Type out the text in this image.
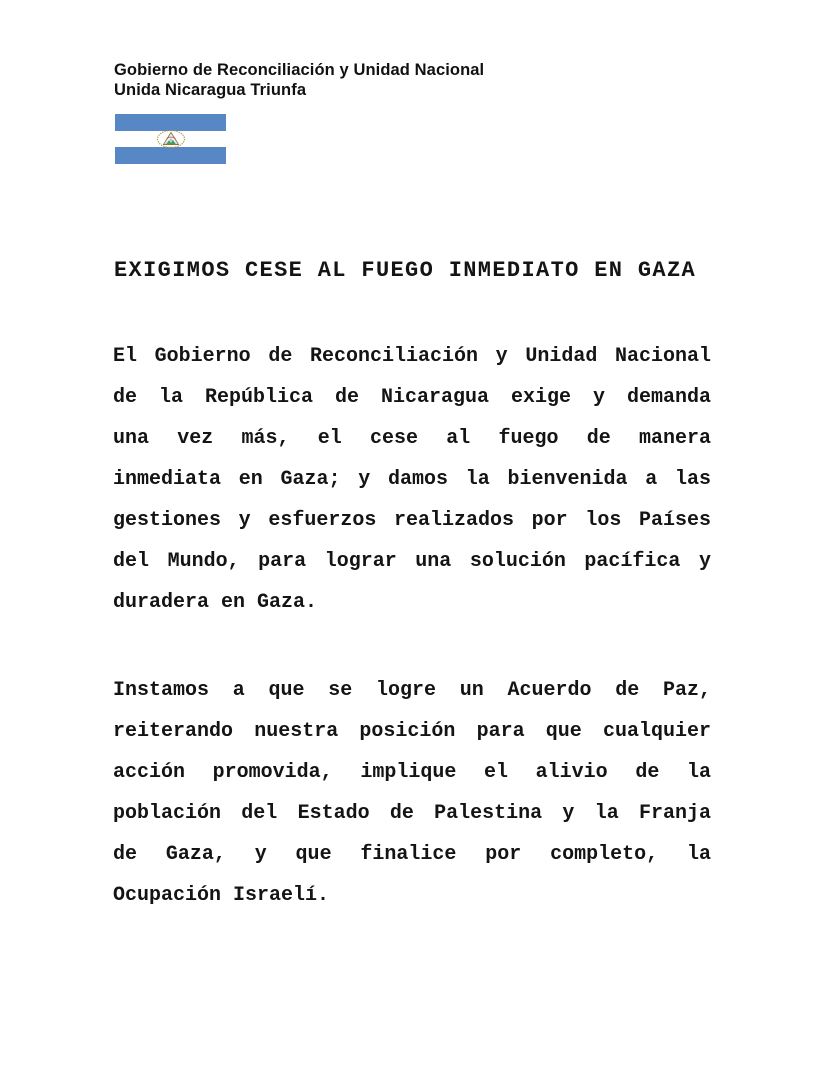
Gobierno de Reconciliación y Unidad Nacional
Unida Nicaragua Triunfa
EXIGIMOS CESE AL FUEGO INMEDIATO EN GAZA
El Gobierno de Reconciliación y Unidad Nacional
de la República de Nicaragua exige y demanda
una vez más, el cese al fuego de manera
inmediata en Gaza; y damos la bienvenida a las
gestiones y esfuerzos realizados por los Países
del Mundo, para lograr una solución pacífica y
duradera en Gaza.
Instamos a que se logre un Acuerdo de Paz,
reiterando nuestra posición para que cualquier
acción promovida, implique el alivio de la
población del Estado de Palestina y la Franja
de Gaza, y que finalice por completo, la
Ocupación Israelí.
